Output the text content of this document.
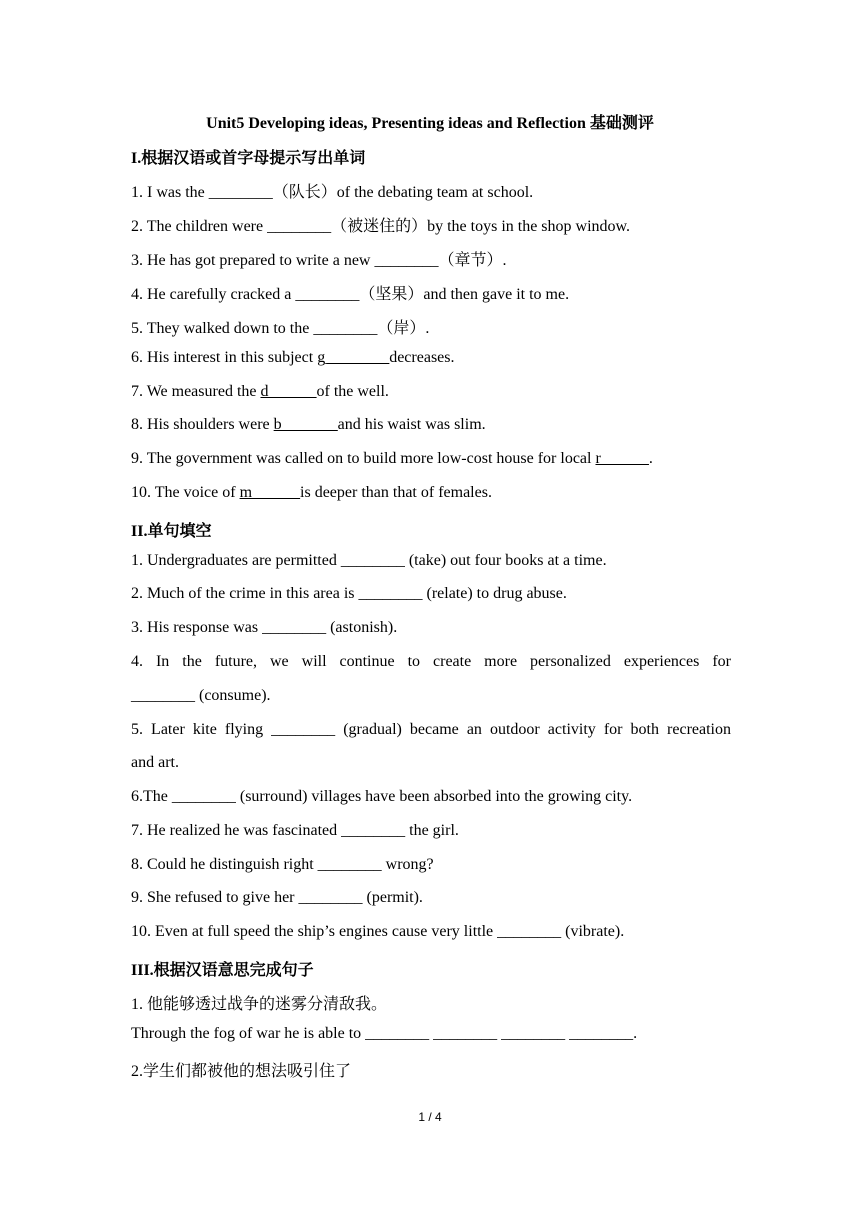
Unit5 Developing ideas, Presenting ideas and Reflection 基础测评
I.根据汉语或首字母提示写出单词
1. I was the ________（队长）of the debating team at school.
2. The children were ________（被迷住的）by the toys in the shop window.
3. He has got prepared to write a new ________（章节）.
4. He carefully cracked a ________（坚果）and then gave it to me.
5. They walked down to the ________（岸）.
6. His interest in this subject g________decreases.
7. We measured the d______of the well.
8. His shoulders were b_______and his waist was slim.
9. The government was called on to build more low-cost house for local r______.
10. The voice of m______is deeper than that of females.
II.单句填空
1. Undergraduates are permitted ________ (take) out four books at a time.
2. Much of the crime in this area is ________ (relate) to drug abuse.
3. His response was ________ (astonish).
4. In the future, we will continue to create more personalized experiences for
________ (consume).
5. Later kite flying ________ (gradual) became an outdoor activity for both recreation
and art.
6.The ________ (surround) villages have been absorbed into the growing city.
7. He realized he was fascinated ________ the girl.
8. Could he distinguish right ________ wrong?
9. She refused to give her ________ (permit).
10. Even at full speed the ship’s engines cause very little ________ (vibrate).
III.根据汉语意思完成句子
1. 他能够透过战争的迷雾分清敌我。
Through the fog of war he is able to ________ ________ ________ ________.
2.学生们都被他的想法吸引住了
1 / 4
